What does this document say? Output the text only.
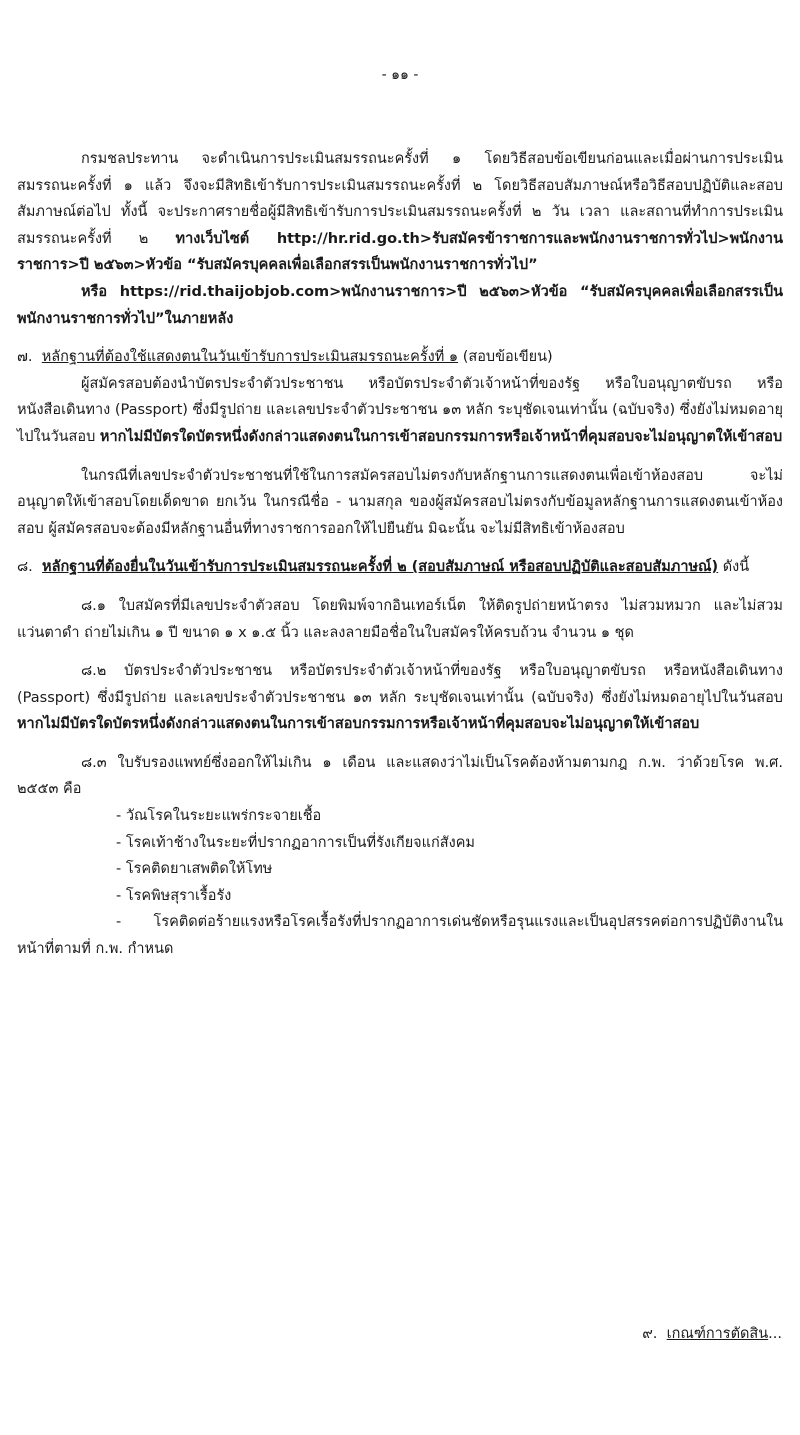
- ๑๑ -

กรมชลประทาน จะดำเนินการประเมินสมรรถนะครั้งที่ ๑ โดยวิธีสอบข้อเขียนก่อนและเมื่อผ่านการประเมินสมรรถนะครั้งที่ ๑ แล้ว จึงจะมีสิทธิเข้ารับการประเมินสมรรถนะครั้งที่ ๒ โดยวิธีสอบสัมภาษณ์หรือวิธีสอบปฏิบัติและสอบสัมภาษณ์ต่อไป ทั้งนี้ จะประกาศรายชื่อผู้มีสิทธิเข้ารับการประเมินสมรรถนะครั้งที่ ๒ วัน เวลา และสถานที่ทำการประเมินสมรรถนะครั้งที่ ๒ ทางเว็บไซต์ http://hr.rid.go.th>รับสมัครข้าราชการและพนักงานราชการทั่วไป>พนักงานราชการ>ปี ๒๕๖๓>หัวข้อ “รับสมัครบุคคลเพื่อเลือกสรรเป็นพนักงานราชการทั่วไป”

หรือ https://rid.thaijobjob.com>พนักงานราชการ>ปี ๒๕๖๓>หัวข้อ “รับสมัครบุคคลเพื่อเลือกสรรเป็นพนักงานราชการทั่วไป”ในภายหลัง

๗. หลักฐานที่ต้องใช้แสดงตนในวันเข้ารับการประเมินสมรรถนะครั้งที่ ๑ (สอบข้อเขียน)

ผู้สมัครสอบต้องนำบัตรประจำตัวประชาชน หรือบัตรประจำตัวเจ้าหน้าที่ของรัฐ หรือใบอนุญาตขับรถ หรือหนังสือเดินทาง (Passport) ซึ่งมีรูปถ่าย และเลขประจำตัวประชาชน ๑๓ หลัก ระบุชัดเจนเท่านั้น (ฉบับจริง) ซึ่งยังไม่หมดอายุไปในวันสอบ หากไม่มีบัตรใดบัตรหนึ่งดังกล่าวแสดงตนในการเข้าสอบกรรมการหรือเจ้าหน้าที่คุมสอบจะไม่อนุญาตให้เข้าสอบ

ในกรณีที่เลขประจำตัวประชาชนที่ใช้ในการสมัครสอบไม่ตรงกับหลักฐานการแสดงตนเพื่อเข้าห้องสอบ จะไม่อนุญาตให้เข้าสอบโดยเด็ดขาด ยกเว้น ในกรณีชื่อ - นามสกุล ของผู้สมัครสอบไม่ตรงกับข้อมูลหลักฐานการแสดงตนเข้าห้องสอบ ผู้สมัครสอบจะต้องมีหลักฐานอื่นที่ทางราชการออกให้ไปยืนยัน มิฉะนั้น จะไม่มีสิทธิเข้าห้องสอบ

๘. หลักฐานที่ต้องยื่นในวันเข้ารับการประเมินสมรรถนะครั้งที่ ๒ (สอบสัมภาษณ์ หรือสอบปฏิบัติและสอบสัมภาษณ์) ดังนี้

๘.๑ ใบสมัครที่มีเลขประจำตัวสอบ โดยพิมพ์จากอินเทอร์เน็ต ให้ติดรูปถ่ายหน้าตรง ไม่สวมหมวก และไม่สวมแว่นตาดำ ถ่ายไม่เกิน ๑ ปี ขนาด ๑ x ๑.๕ นิ้ว และลงลายมือชื่อในใบสมัครให้ครบถ้วน จำนวน ๑ ชุด

๘.๒ บัตรประจำตัวประชาชน หรือบัตรประจำตัวเจ้าหน้าที่ของรัฐ หรือใบอนุญาตขับรถ หรือหนังสือเดินทาง (Passport) ซึ่งมีรูปถ่าย และเลขประจำตัวประชาชน ๑๓ หลัก ระบุชัดเจนเท่านั้น (ฉบับจริง) ซึ่งยังไม่หมดอายุไปในวันสอบ หากไม่มีบัตรใดบัตรหนึ่งดังกล่าวแสดงตนในการเข้าสอบกรรมการหรือเจ้าหน้าที่คุมสอบจะไม่อนุญาตให้เข้าสอบ

๘.๓ ใบรับรองแพทย์ซึ่งออกให้ไม่เกิน ๑ เดือน และแสดงว่าไม่เป็นโรคต้องห้ามตามกฎ ก.พ. ว่าด้วยโรค พ.ศ. ๒๕๕๓ คือ

- วัณโรคในระยะแพร่กระจายเชื้อ

- โรคเท้าช้างในระยะที่ปรากฏอาการเป็นที่รังเกียจแก่สังคม

- โรคติดยาเสพติดให้โทษ

- โรคพิษสุราเรื้อรัง

- โรคติดต่อร้ายแรงหรือโรคเรื้อรังที่ปรากฏอาการเด่นชัดหรือรุนแรงและเป็นอุปสรรคต่อการปฏิบัติงานในหน้าที่ตามที่ ก.พ. กำหนด

๙. เกณฑ์การตัดสิน...
